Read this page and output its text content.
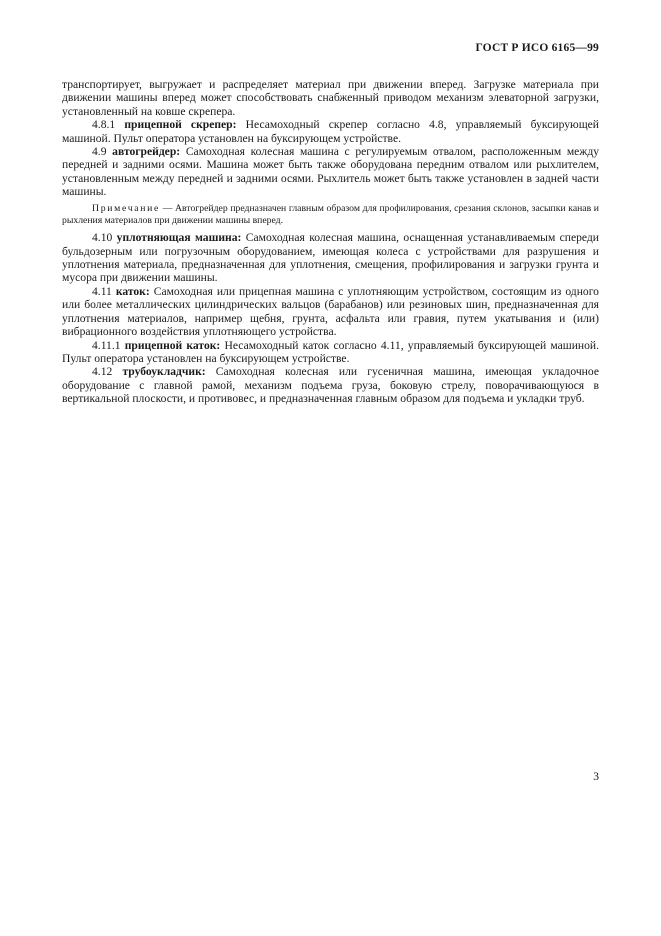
ГОСТ Р ИСО 6165—99

транспортирует, выгружает и распределяет материал при движении вперед. Загрузке материала при движении машины вперед может способствовать снабженный приводом механизм элеваторной загрузки, установленный на ковше скрепера.

4.8.1 прицепной скрепер: Несамоходный скрепер согласно 4.8, управляемый буксирующей машиной. Пульт оператора установлен на буксирующем устройстве.

4.9 автогрейдер: Самоходная колесная машина с регулируемым отвалом, расположенным между передней и задними осями. Машина может быть также оборудована передним отвалом или рыхлителем, установленным между передней и задними осями. Рыхлитель может быть также установлен в задней части машины.

Примечание — Автогрейдер предназначен главным образом для профилирования, срезания склонов, засыпки канав и рыхления материалов при движении машины вперед.

4.10 уплотняющая машина: Самоходная колесная машина, оснащенная устанавливаемым спереди бульдозерным или погрузочным оборудованием, имеющая колеса с устройствами для разрушения и уплотнения материала, предназначенная для уплотнения, смещения, профилирования и загрузки грунта и мусора при движении машины.

4.11 каток: Самоходная или прицепная машина с уплотняющим устройством, состоящим из одного или более металлических цилиндрических вальцов (барабанов) или резиновых шин, предназначенная для уплотнения материалов, например щебня, грунта, асфальта или гравия, путем укатывания и (или) вибрационного воздействия уплотняющего устройства.

4.11.1 прицепной каток: Несамоходный каток согласно 4.11, управляемый буксирующей машиной. Пульт оператора установлен на буксирующем устройстве.

4.12 трубоукладчик: Самоходная колесная или гусеничная машина, имеющая укладочное оборудование с главной рамой, механизм подъема груза, боковую стрелу, поворачивающуюся в вертикальной плоскости, и противовес, и предназначенная главным образом для подъема и укладки труб.

3
